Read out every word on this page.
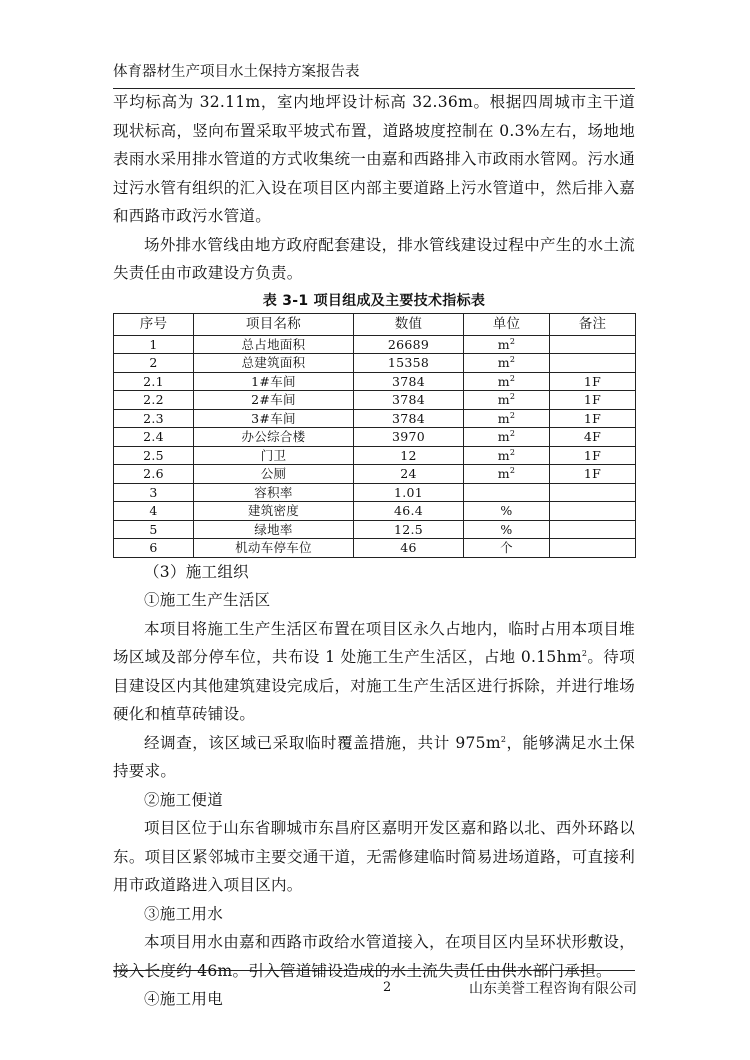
体育器材生产项目水土保持方案报告表

平均标高为 32.11m，室内地坪设计标高 32.36m。根据四周城市主干道现状标高，竖向布置采取平坡式布置，道路坡度控制在 0.3%左右，场地地表雨水采用排水管道的方式收集统一由嘉和西路排入市政雨水管网。污水通过污水管有组织的汇入设在项目区内部主要道路上污水管道中，然后排入嘉和西路市政污水管道。

场外排水管线由地方政府配套建设，排水管线建设过程中产生的水土流失责任由市政建设方负责。

表 3-1 项目组成及主要技术指标表
序号	项目名称	数值	单位	备注
1	总占地面积	26689	$m^2$	
2	总建筑面积	15358	$m^2$	
2.1	1#车间	3784	$m^2$	1F
2.2	2#车间	3784	$m^2$	1F
2.3	3#车间	3784	$m^2$	1F
2.4	办公综合楼	3970	$m^2$	4F
2.5	门卫	12	$m^2$	1F
2.6	公厕	24	$m^2$	1F
3	容积率	1.01		
4	建筑密度	46.4	%	
5	绿地率	12.5	%	
6	机动车停车位	46	个	

（3）施工组织

①施工生产生活区

本项目将施工生产生活区布置在项目区永久占地内，临时占用本项目堆场区域及部分停车位，共布设 1 处施工生产生活区，占地 $0.15hm^2$。待项目建设区内其他建筑建设完成后，对施工生产生活区进行拆除，并进行堆场硬化和植草砖铺设。

经调查，该区域已采取临时覆盖措施，共计 $975m^2$，能够满足水土保持要求。

②施工便道

项目区位于山东省聊城市东昌府区嘉明开发区嘉和路以北、西外环路以东。项目区紧邻城市主要交通干道，无需修建临时简易进场道路，可直接利用市政道路进入项目区内。

③施工用水

本项目用水由嘉和西路市政给水管道接入，在项目区内呈环状形敷设，接入长度约 46m。引入管道铺设造成的水土流失责任由供水部门承担。

④施工用电

2	山东美誉工程咨询有限公司
